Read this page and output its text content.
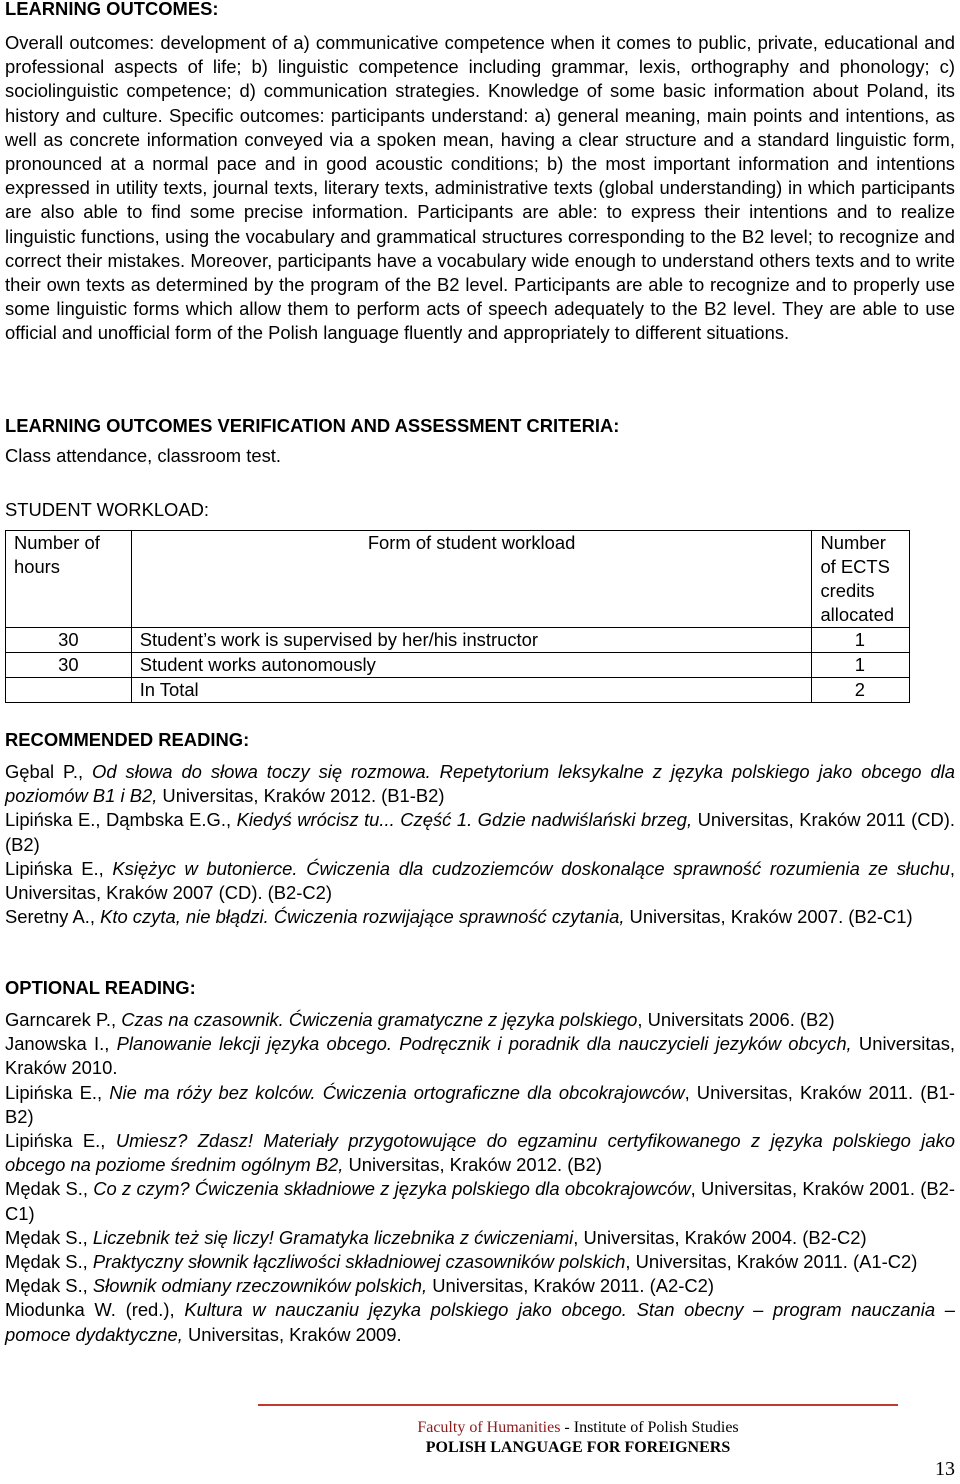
LEARNING OUTCOMES:

Overall outcomes: development of a) communicative competence when it comes to public, private, educational and professional aspects of life; b) linguistic competence including grammar, lexis, orthography and phonology; c) sociolinguistic competence; d) communication strategies. Knowledge of some basic information about Poland, its history and culture. Specific outcomes: participants understand: a) general meaning, main points and intentions, as well as concrete information conveyed via a spoken mean, having a clear structure and a standard linguistic form, pronounced at a normal pace and in good acoustic conditions; b) the most important information and intentions expressed in utility texts, journal texts, literary texts, administrative texts (global understanding) in which participants are also able to find some precise information. Participants are able: to express their intentions and to realize linguistic functions, using the vocabulary and grammatical structures corresponding to the B2 level; to recognize and correct their mistakes. Moreover, participants have a vocabulary wide enough to understand others texts and to write their own texts as determined by the program of the B2 level. Participants are able to recognize and to properly use some linguistic forms which allow them to perform acts of speech adequately to the B2 level. They are able to use official and unofficial form of the Polish language fluently and appropriately to different situations.

LEARNING OUTCOMES VERIFICATION AND ASSESSMENT CRITERIA:

Class attendance, classroom test.

STUDENT WORKLOAD:
RECOMMENDED READING:

Gębal P., Od słowa do słowa toczy się rozmowa. Repetytorium leksykalne z języka polskiego jako obcego dla poziomów B1 i B2, Universitas, Kraków 2012. (B1-B2)

Lipińska E., Dąmbska E.G., Kiedyś wrócisz tu... Część 1. Gdzie nadwiślański brzeg, Universitas, Kraków 2011 (CD). (B2)

Lipińska E., Księżyc w butonierce. Ćwiczenia dla cudzoziemców doskonalące sprawność rozumienia ze słuchu, Universitas, Kraków 2007 (CD). (B2-C2)

Seretny A., Kto czyta, nie błądzi. Ćwiczenia rozwijające sprawność czytania, Universitas, Kraków 2007. (B2-C1)

OPTIONAL READING:

Garncarek P., Czas na czasownik. Ćwiczenia gramatyczne z języka polskiego, Universitats 2006. (B2)

Janowska I., Planowanie lekcji języka obcego. Podręcznik i poradnik dla nauczycieli jezyków obcych, Universitas, Kraków 2010.

Lipińska E., Nie ma róży bez kolców. Ćwiczenia ortograficzne dla obcokrajowców, Universitas, Kraków 2011. (B1-B2)

Lipińska E., Umiesz? Zdasz! Materiały przygotowujące do egzaminu certyfikowanego z języka polskiego jako obcego na poziome średnim ogólnym B2, Universitas, Kraków 2012. (B2)

Mędak S., Co z czym? Ćwiczenia składniowe z języka polskiego dla obcokrajowców, Universitas, Kraków 2001. (B2-C1)

Mędak S., Liczebnik też się liczy! Gramatyka liczebnika z ćwiczeniami, Universitas, Kraków 2004. (B2-C2)

Mędak S., Praktyczny słownik łączliwości składniowej czasowników polskich, Universitas, Kraków 2011. (A1-C2)

Mędak S., Słownik odmiany rzeczowników polskich, Universitas, Kraków 2011. (A2-C2)

Miodunka W. (red.), Kultura w nauczaniu języka polskiego jako obcego. Stan obecny – program nauczania – pomoce dydaktyczne, Universitas, Kraków 2009.

Number of hours	Form of student workload	Number of ECTS credits allocated
30	Student’s work is supervised by her/his instructor	1
30	Student works autonomously	1
	In Total	2
Faculty of Humanities - Institute of Polish Studies
POLISH LANGUAGE FOR FOREIGNERS
13
